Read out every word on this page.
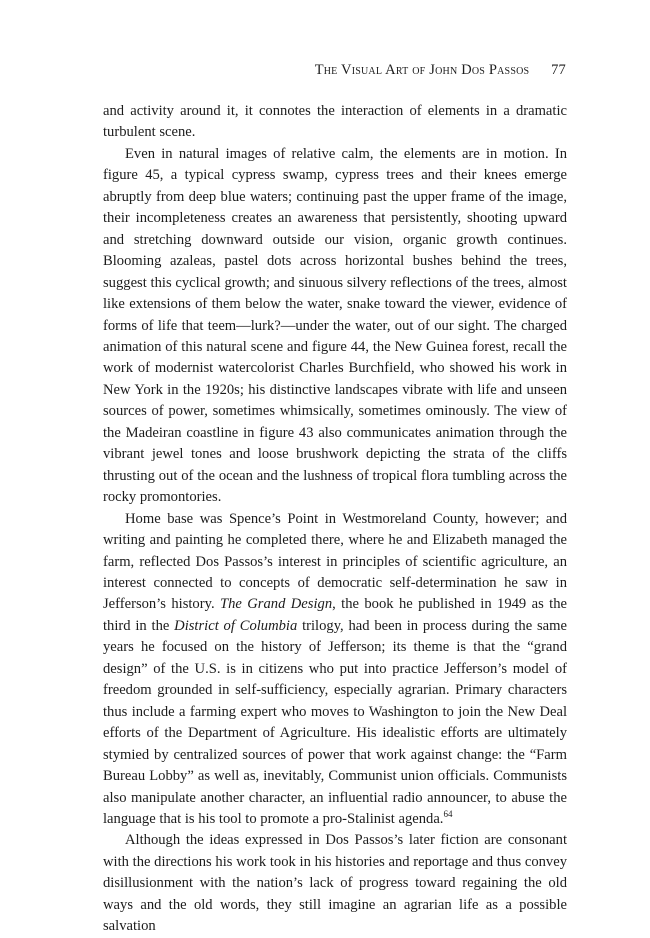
The Visual Art of John Dos Passos 77

and activity around it, it connotes the interaction of elements in a dramatic turbulent scene.

Even in natural images of relative calm, the elements are in motion. In figure 45, a typical cypress swamp, cypress trees and their knees emerge abruptly from deep blue waters; continuing past the upper frame of the image, their incompleteness creates an awareness that persistently, shooting upward and stretching downward outside our vision, organic growth continues. Blooming azaleas, pastel dots across horizontal bushes behind the trees, suggest this cyclical growth; and sinuous silvery reflections of the trees, almost like extensions of them below the water, snake toward the viewer, evidence of forms of life that teem—lurk?—under the water, out of our sight. The charged animation of this natural scene and figure 44, the New Guinea forest, recall the work of modernist watercolorist Charles Burchfield, who showed his work in New York in the 1920s; his distinctive landscapes vibrate with life and unseen sources of power, sometimes whimsically, sometimes ominously. The view of the Madeiran coastline in figure 43 also communicates animation through the vibrant jewel tones and loose brushwork depicting the strata of the cliffs thrusting out of the ocean and the lushness of tropical flora tumbling across the rocky promontories.

Home base was Spence’s Point in Westmoreland County, however; and writing and painting he completed there, where he and Elizabeth managed the farm, reflected Dos Passos’s interest in principles of scientific agriculture, an interest connected to concepts of democratic self-determination he saw in Jefferson’s history. The Grand Design, the book he published in 1949 as the third in the District of Columbia trilogy, had been in process during the same years he focused on the history of Jefferson; its theme is that the “grand design” of the U.S. is in citizens who put into practice Jefferson’s model of freedom grounded in self-sufficiency, especially agrarian. Primary characters thus include a farming expert who moves to Washington to join the New Deal efforts of the Department of Agriculture. His idealistic efforts are ultimately stymied by centralized sources of power that work against change: the “Farm Bureau Lobby” as well as, inevitably, Communist union officials. Communists also manipulate another character, an influential radio announcer, to abuse the language that is his tool to promote a pro-Stalinist agenda.$^{64}$

Although the ideas expressed in Dos Passos’s later fiction are consonant with the directions his work took in his histories and reportage and thus convey disillusionment with the nation’s lack of progress toward regaining the old ways and the old words, they still imagine an agrarian life as a possible salvation
